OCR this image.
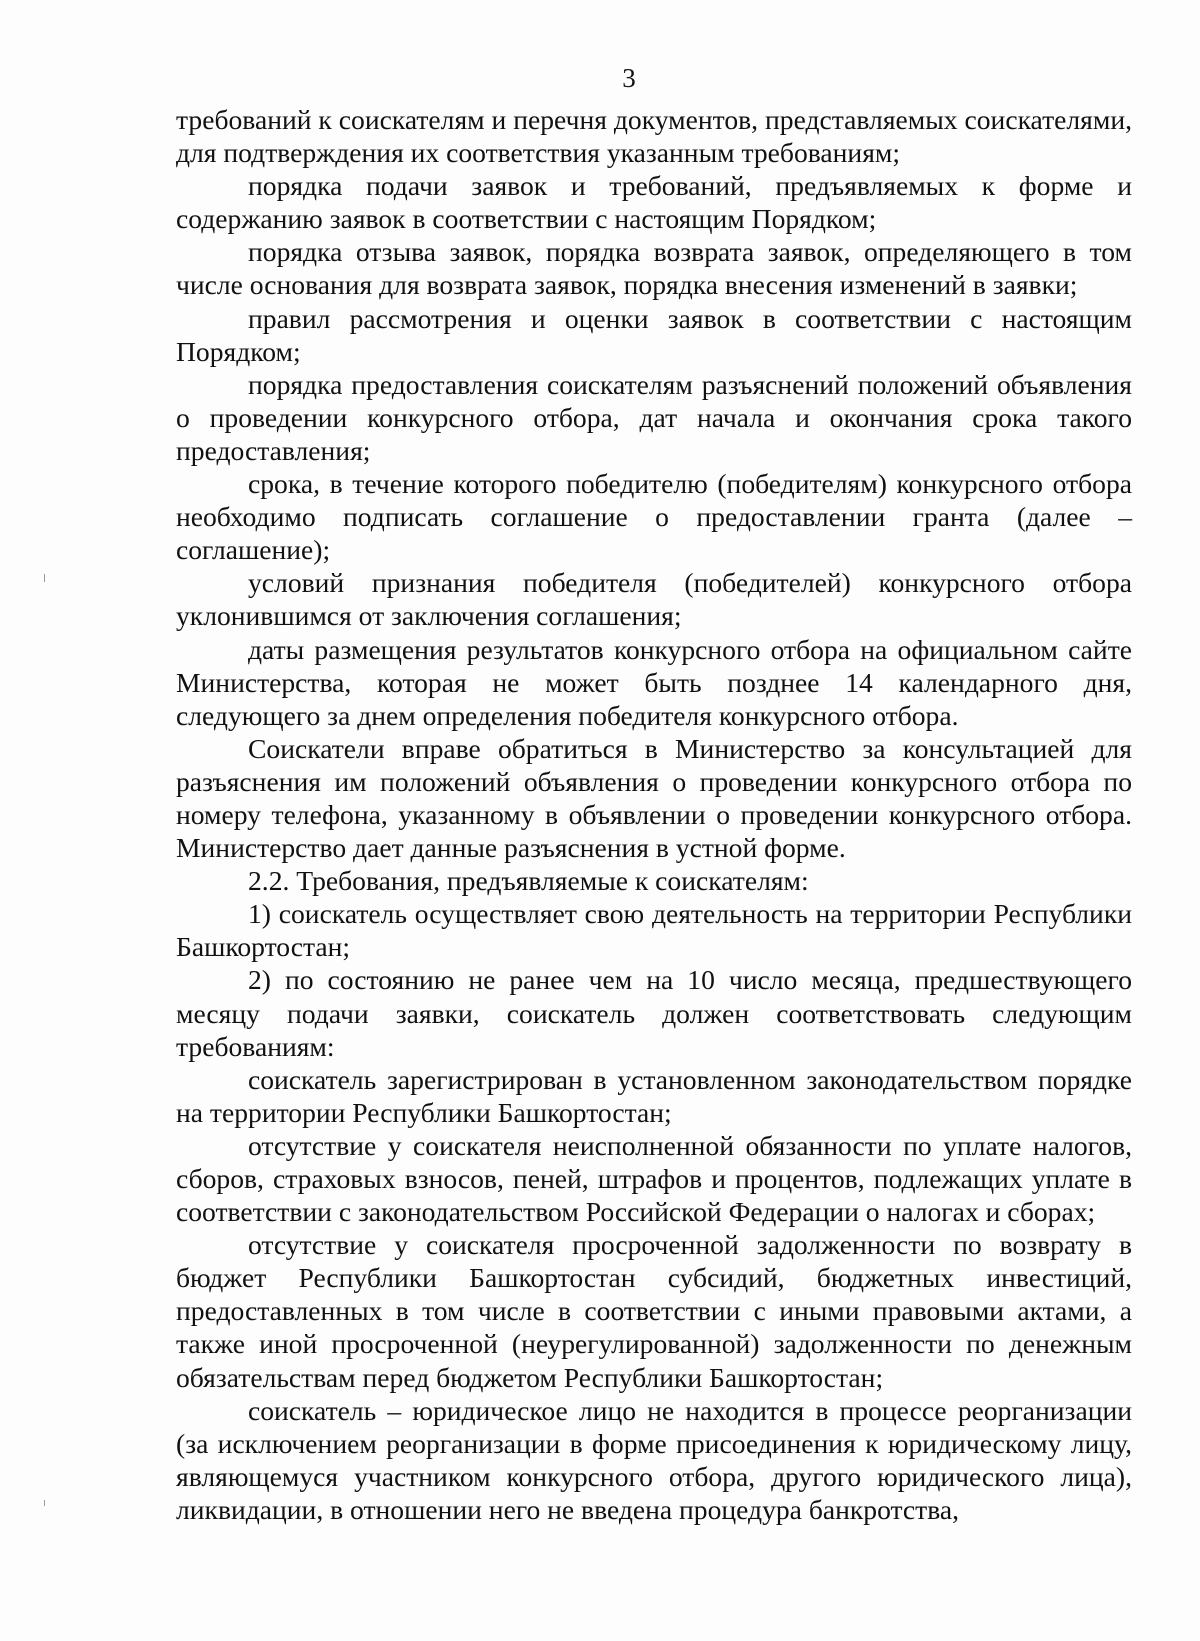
3

требований к соискателям и перечня документов, представляемых соискателями, для подтверждения их соответствия указанным требованиям;

порядка подачи заявок и требований, предъявляемых к форме и содержанию заявок в соответствии с настоящим Порядком;

порядка отзыва заявок, порядка возврата заявок, определяющего в том числе основания для возврата заявок, порядка внесения изменений в заявки;

правил рассмотрения и оценки заявок в соответствии с настоящим Порядком;

порядка предоставления соискателям разъяснений положений объявления о проведении конкурсного отбора, дат начала и окончания срока такого предоставления;

срока, в течение которого победителю (победителям) конкурсного отбора необходимо подписать соглашение о предоставлении гранта (далее – соглашение);

условий признания победителя (победителей) конкурсного отбора уклонившимся от заключения соглашения;

даты размещения результатов конкурсного отбора на официальном сайте Министерства, которая не может быть позднее 14 календарного дня, следующего за днем определения победителя конкурсного отбора.

Соискатели вправе обратиться в Министерство за консультацией для разъяснения им положений объявления о проведении конкурсного отбора по номеру телефона, указанному в объявлении о проведении конкурсного отбора. Министерство дает данные разъяснения в устной форме.

2.2. Требования, предъявляемые к соискателям:

1) соискатель осуществляет свою деятельность на территории Республики Башкортостан;

2) по состоянию не ранее чем на 10 число месяца, предшествующего месяцу подачи заявки, соискатель должен соответствовать следующим требованиям:

соискатель зарегистрирован в установленном законодательством порядке на территории Республики Башкортостан;

отсутствие у соискателя неисполненной обязанности по уплате налогов, сборов, страховых взносов, пеней, штрафов и процентов, подлежащих уплате в соответствии с законодательством Российской Федерации о налогах и сборах;

отсутствие у соискателя просроченной задолженности по возврату в бюджет Республики Башкортостан субсидий, бюджетных инвестиций, предоставленных в том числе в соответствии с иными правовыми актами, а также иной просроченной (неурегулированной) задолженности по денежным обязательствам перед бюджетом Республики Башкортостан;

соискатель – юридическое лицо не находится в процессе реорганизации (за исключением реорганизации в форме присоединения к юридическому лицу, являющемуся участником конкурсного отбора, другого юридического лица), ликвидации, в отношении него не введена процедура банкротства,
